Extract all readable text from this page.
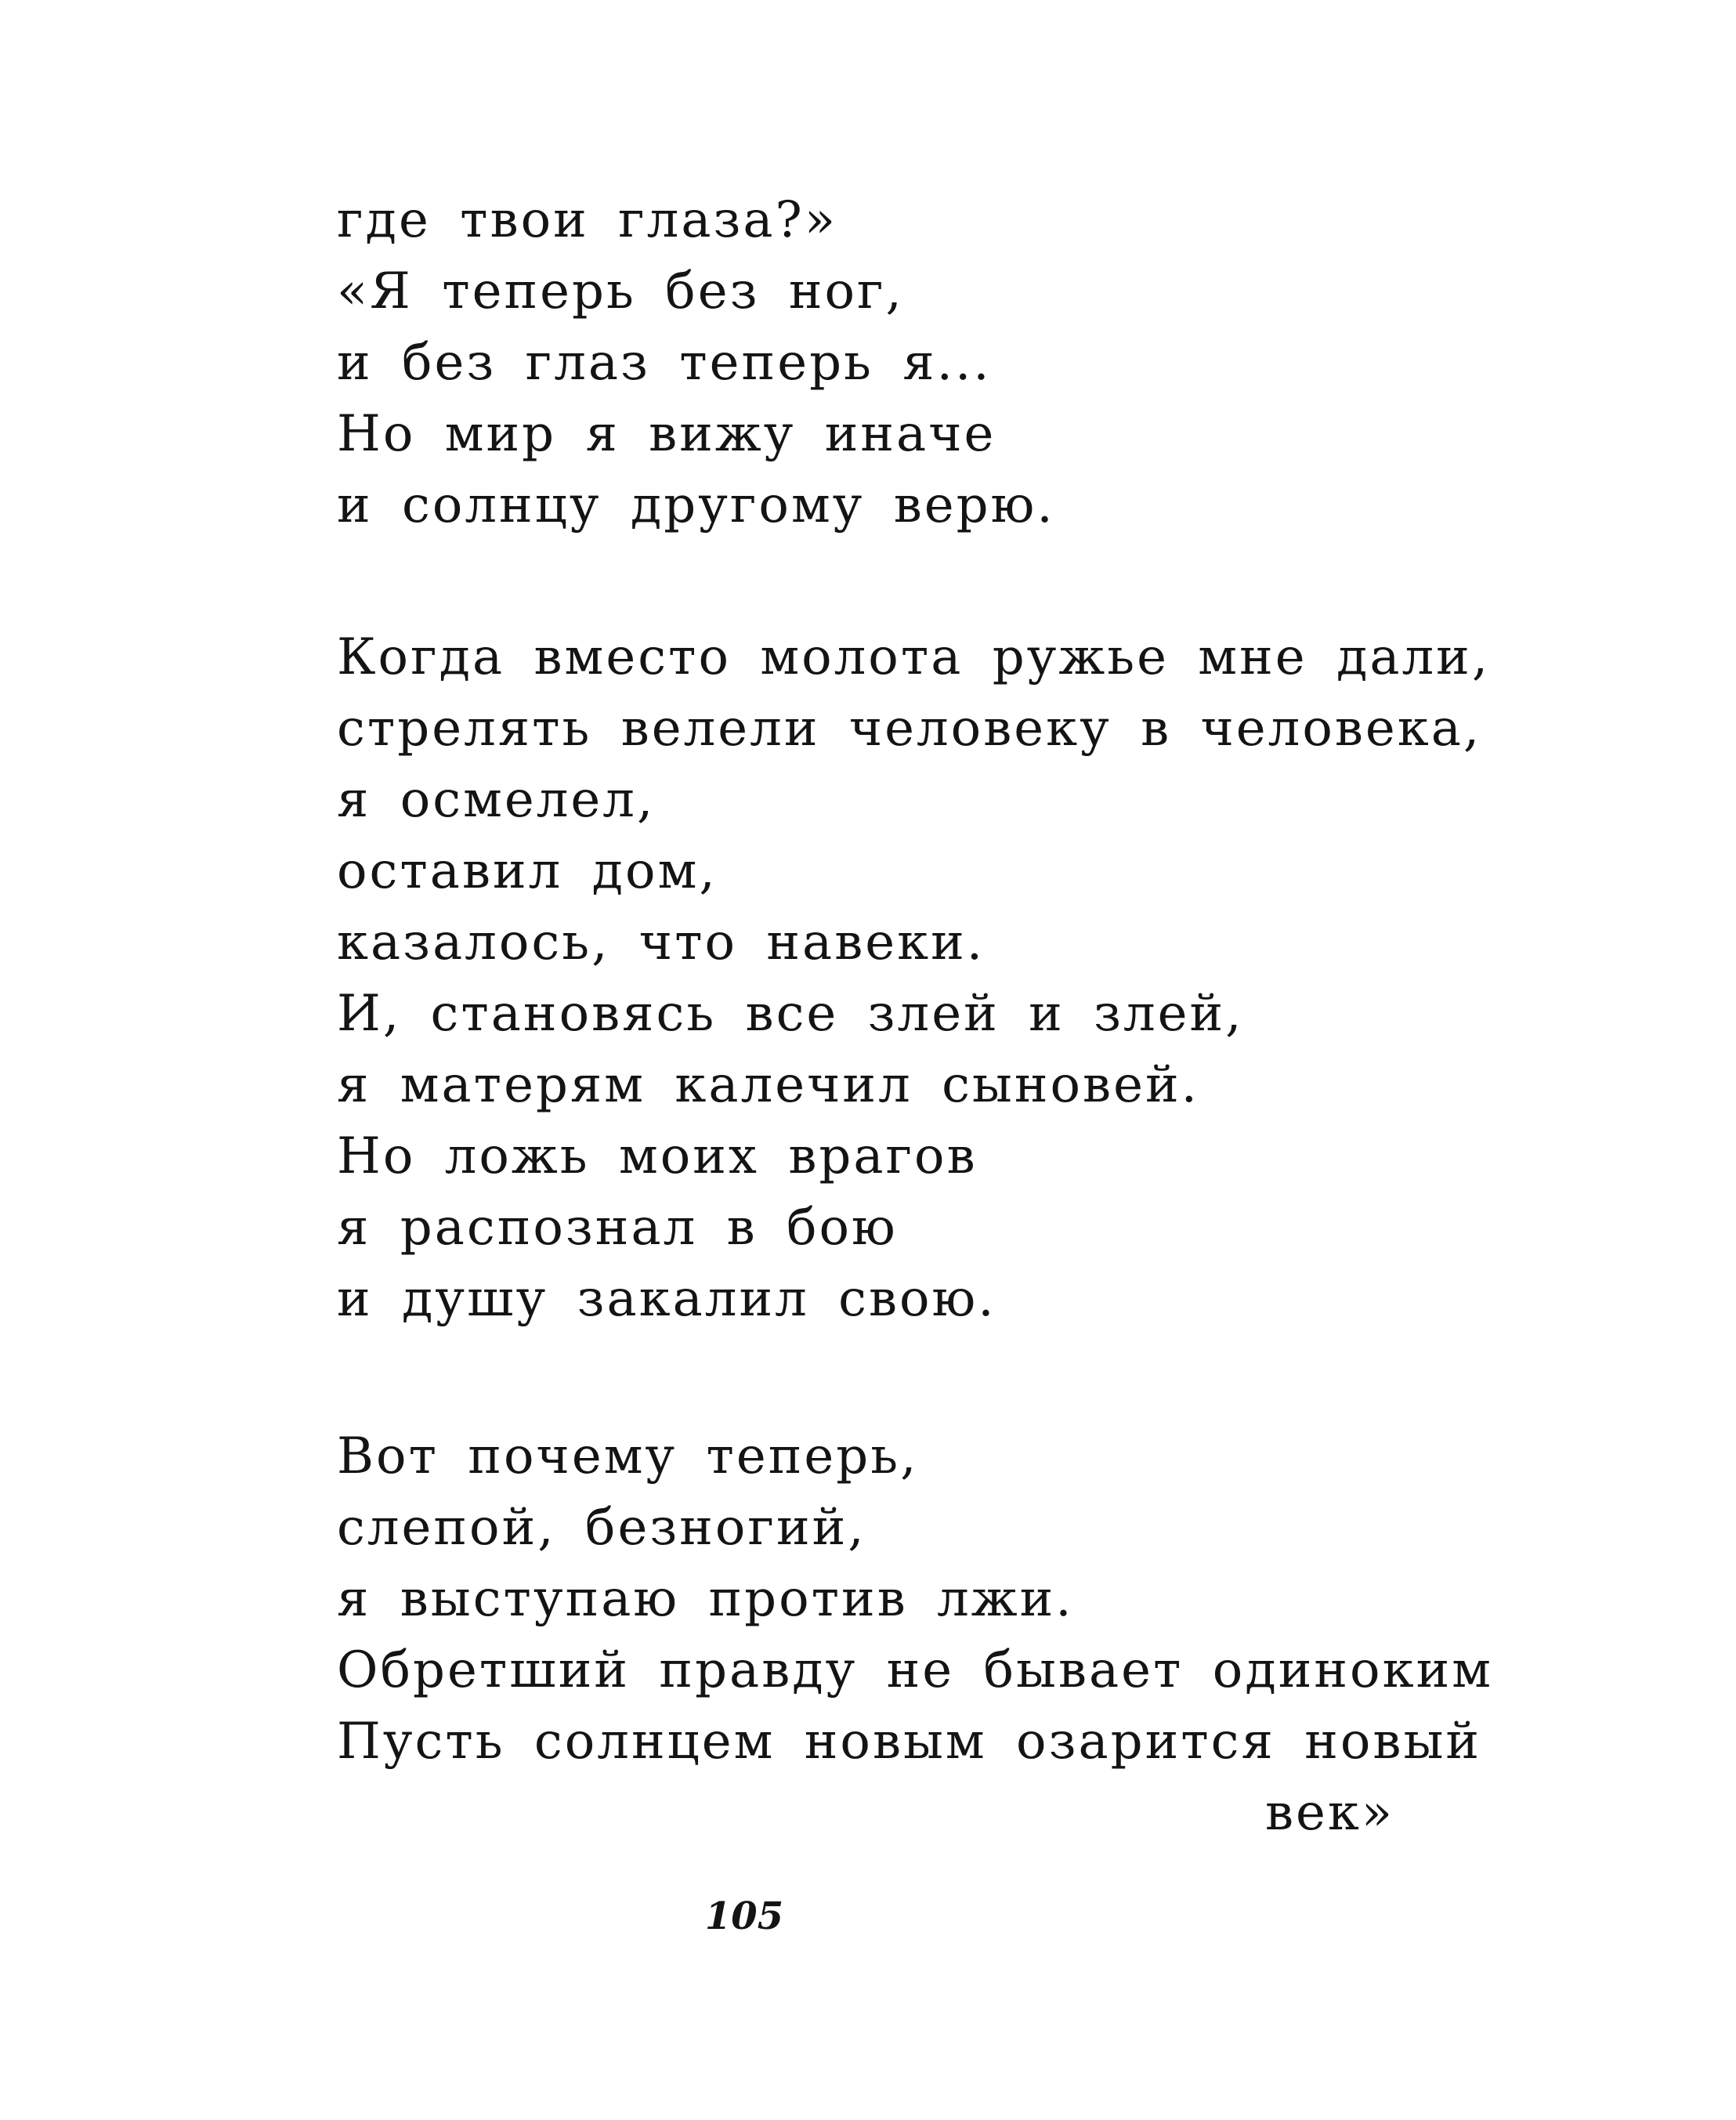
где твои глаза?»
«Я теперь без ног,
и без глаз теперь я...
Но мир я вижу иначе
и солнцу другому верю.
Когда вместо молота ружье мне дали,
стрелять велели человеку в человека,
я осмелел,
оставил дом,
казалось, что навеки.
И, становясь все злей и злей,
я матерям калечил сыновей.
Но ложь моих врагов
я распознал в бою
и душу закалил свою.
Вот почему теперь,
слепой, безногий,
я выступаю против лжи.
Обретший правду не бывает одиноким
Пусть солнцем новым озарится новый
век»
105
